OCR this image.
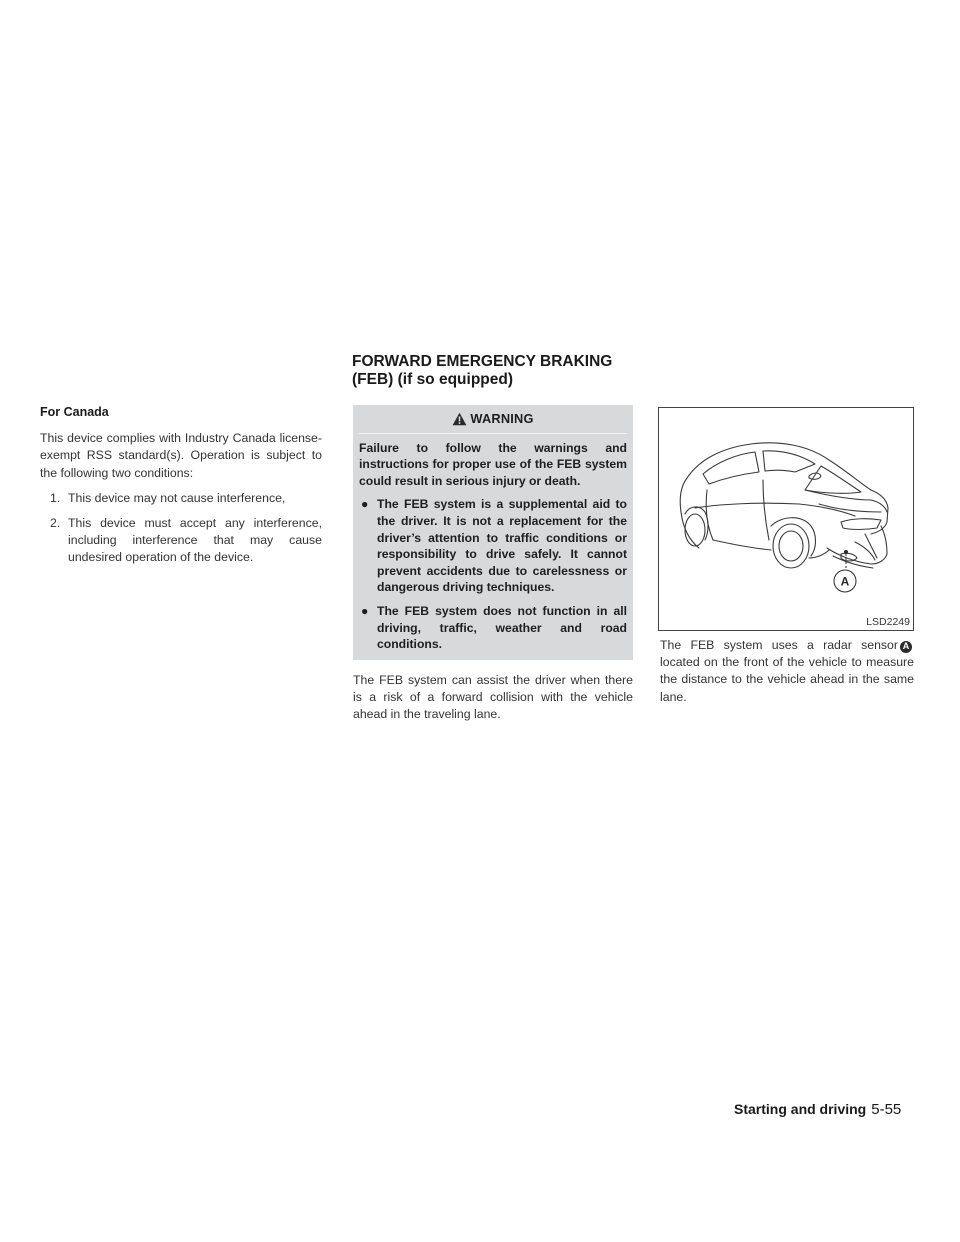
FORWARD EMERGENCY BRAKING
(FEB) (if so equipped)
For Canada

This device complies with Industry Canada license-exempt RSS standard(s). Operation is subject to the following two conditions:

1. This device may not cause interference,
2. This device must accept any interference, including interference that may cause undesired operation of the device.
WARNING

Failure to follow the warnings and instructions for proper use of the FEB system could result in serious injury or death.

● The FEB system is a supplemental aid to the driver. It is not a replacement for the driver’s attention to traffic conditions or responsibility to drive safely. It cannot prevent accidents due to carelessness or dangerous driving techniques.
● The FEB system does not function in all driving, traffic, weather and road conditions.

The FEB system can assist the driver when there is a risk of a forward collision with the vehicle ahead in the traveling lane.

A
LSD2249

The FEB system uses a radar sensor Alocated on the front of the vehicle to measure the distance to the vehicle ahead in the same lane.

Starting and driving 5-55
